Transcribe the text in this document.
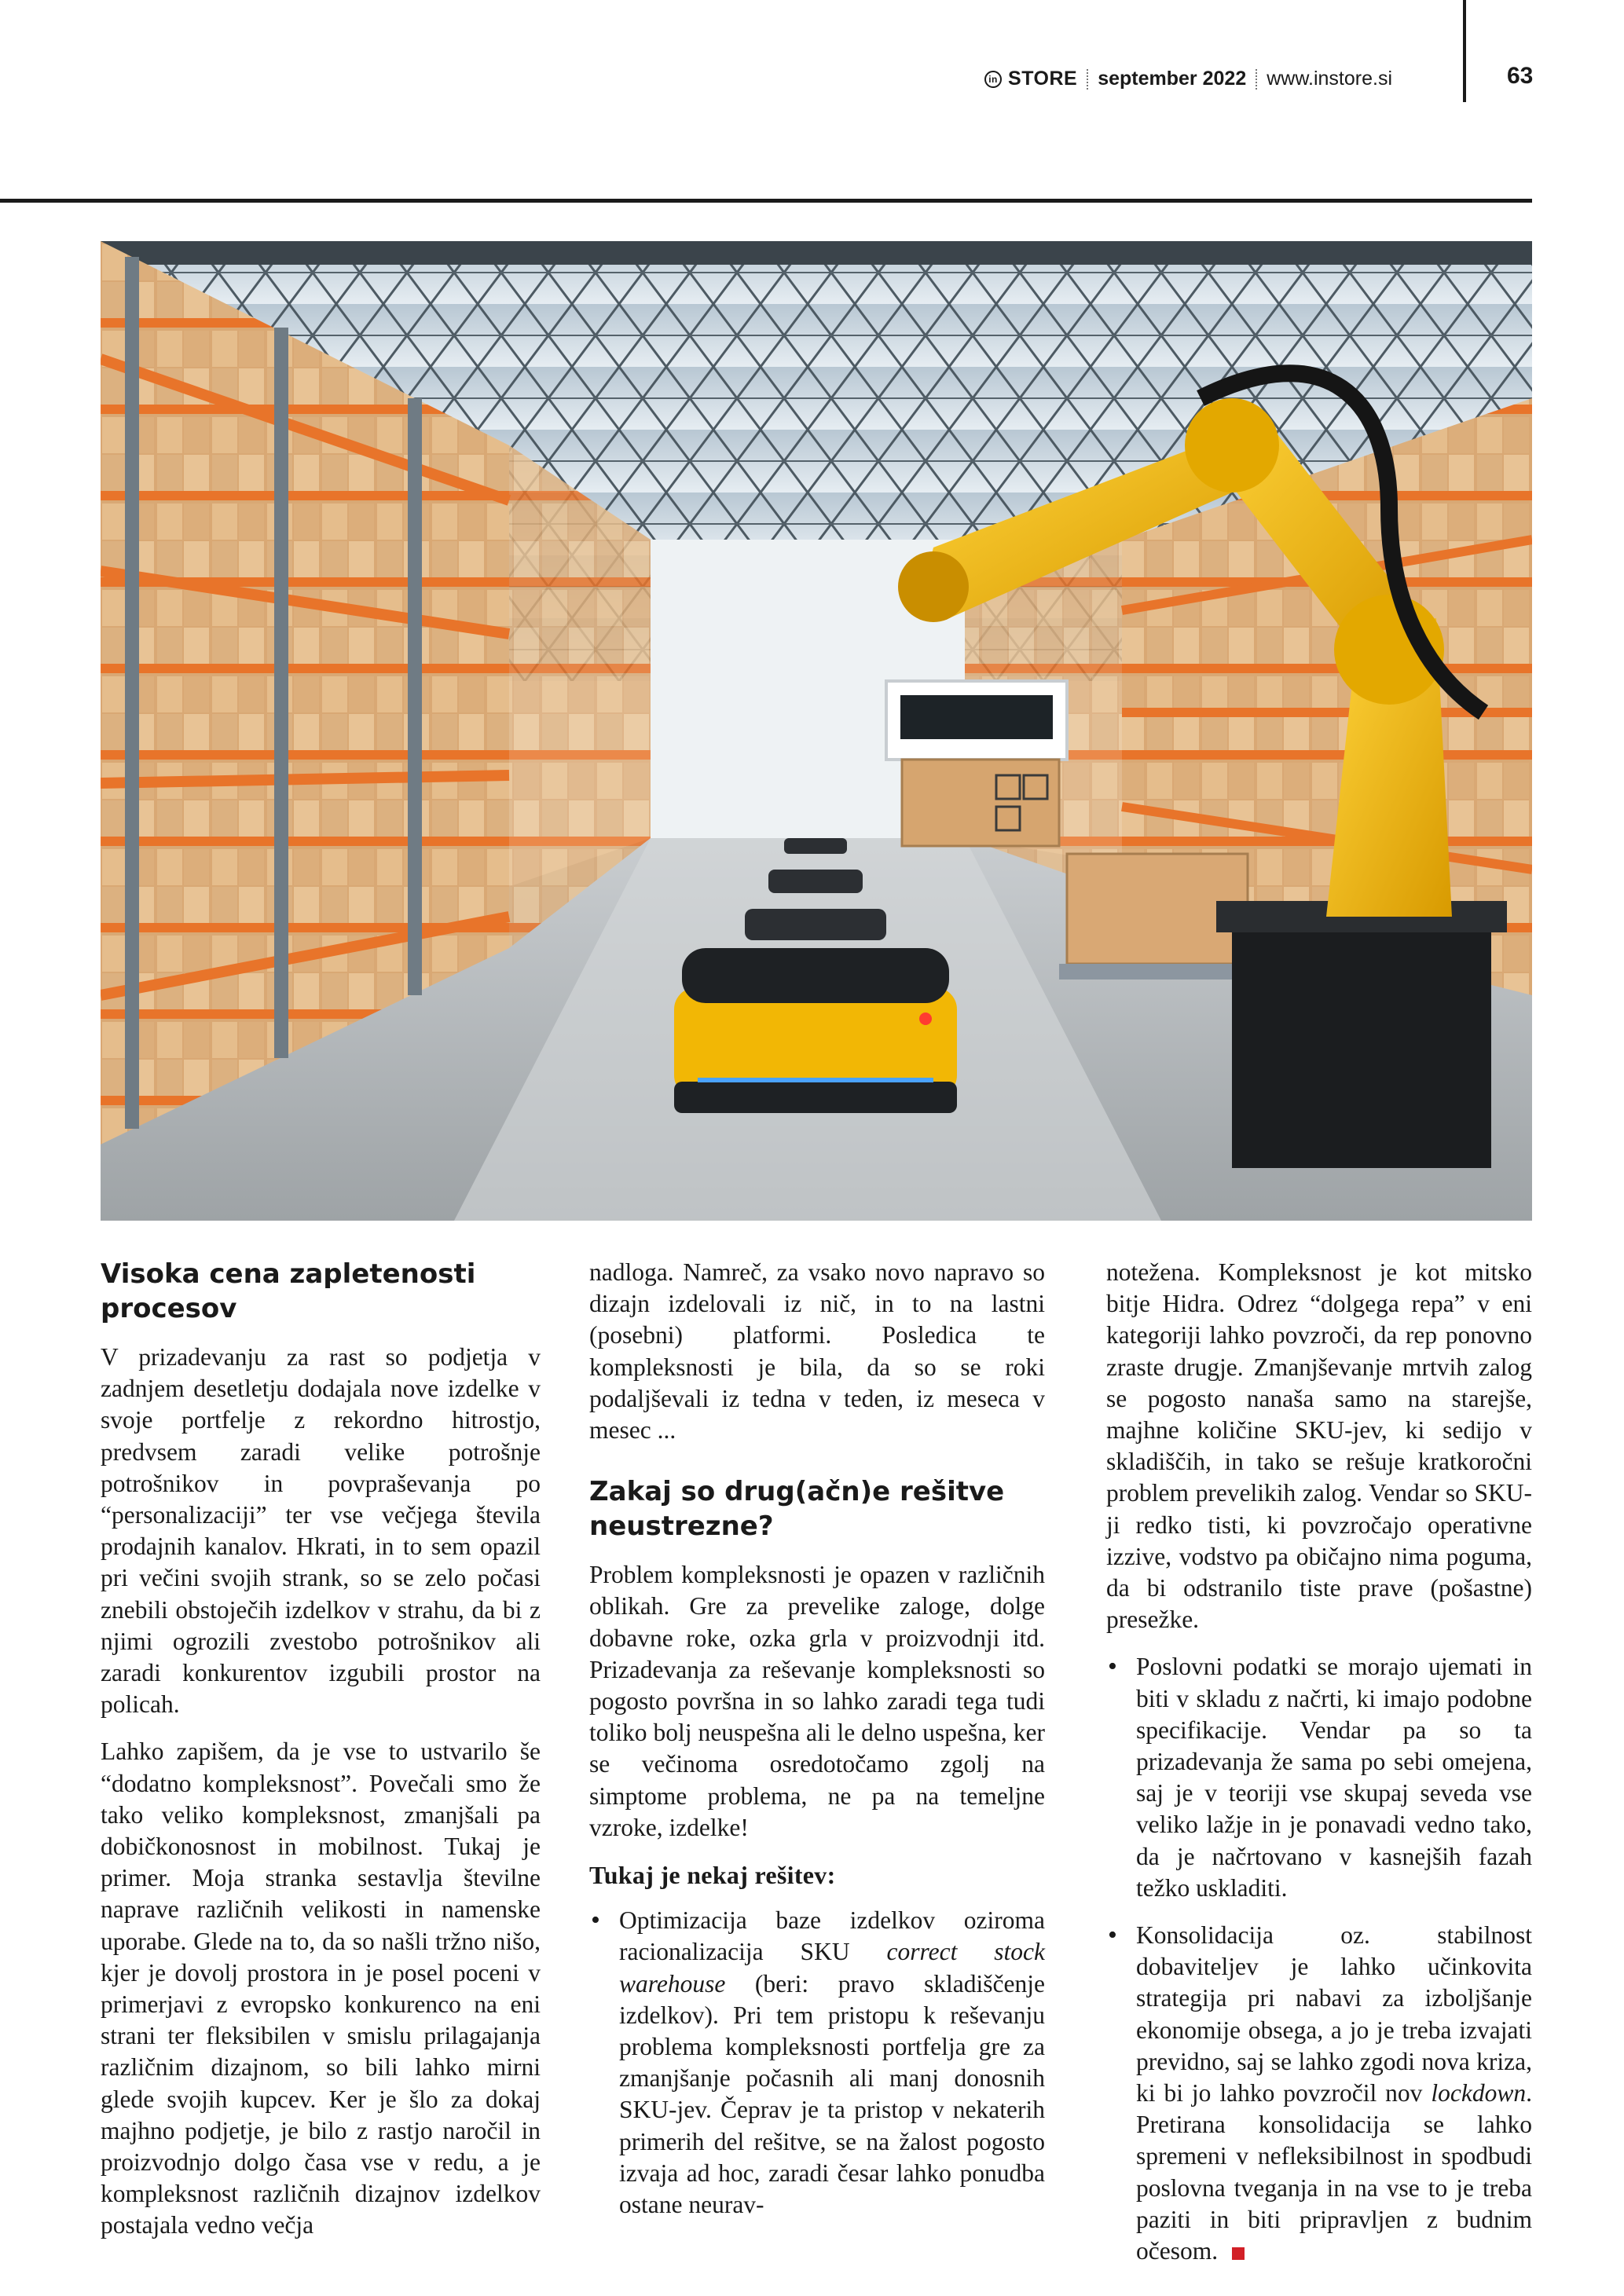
in STORE september 2022 www.instore.si	63
Visoka cena zapletenosti procesov

V prizadevanju za rast so podjetja v zadnjem desetletju dodajala nove izdelke v svoje portfelje z rekordno hitrostjo, predvsem zaradi velike potrošnje potrošnikov in povpraševanja po “personalizaciji” ter vse večjega števila prodajnih kanalov. Hkrati, in to sem opazil pri večini svojih strank, so se zelo počasi znebili obstoječih izdelkov v strahu, da bi z njimi ogrozili zvestobo potrošnikov ali zaradi konkurentov izgubili prostor na policah.

Lahko zapišem, da je vse to ustvarilo še “dodatno kompleksnost”. Povečali smo že tako veliko kompleksnost, zmanjšali pa dobičkonosnost in mobilnost. Tukaj je primer. Moja stranka sestavlja številne naprave različnih velikosti in namenske uporabe. Glede na to, da so našli tržno nišo, kjer je dovolj prostora in je posel poceni v primerjavi z evropsko konkurenco na eni strani ter fleksibilen v smislu prilagajanja različnim dizajnom, so bili lahko mirni glede svojih kupcev. Ker je šlo za dokaj majhno podjetje, je bilo z rastjo naročil in proizvodnjo dolgo časa vse v redu, a je kompleksnost različnih dizajnov izdelkov postajala vedno večja

nadloga. Namreč, za vsako novo napravo so dizajn izdelovali iz nič, in to na lastni (posebni) platformi. Posledica te kompleksnosti je bila, da so se roki podaljševali iz tedna v teden, iz meseca v mesec ...

Zakaj so drug(ačn)e rešitve neustrezne?

Problem kompleksnosti je opazen v različnih oblikah. Gre za prevelike zaloge, dolge dobavne roke, ozka grla v proizvodnji itd. Prizadevanja za reševanje kompleksnosti so pogosto površna in so lahko zaradi tega tudi toliko bolj neuspešna ali le delno uspešna, ker se večinoma osredotočamo zgolj na simptome problema, ne pa na temeljne vzroke, izdelke!

Tukaj je nekaj rešitev:
• Optimizacija baze izdelkov oziroma racionalizacija SKU correct stock warehouse (beri: pravo skladiščenje izdelkov). Pri tem pristopu k reševanju problema kompleksnosti portfelja gre za zmanjšanje počasnih ali manj donosnih SKU-jev. Čeprav je ta pristop v nekaterih primerih del rešitve, se na žalost pogosto izvaja ad hoc, zaradi česar lahko ponudba ostane neurav-

notežena. Kompleksnost je kot mitsko bitje Hidra. Odrez “dolgega repa” v eni kategoriji lahko povzroči, da rep ponovno zraste drugje. Zmanjševanje mrtvih zalog se pogosto nanaša samo na starejše, majhne količine SKU-jev, ki sedijo v skladiščih, in tako se rešuje kratkoročni problem prevelikih zalog. Vendar so SKU-ji redko tisti, ki povzročajo operativne izzive, vodstvo pa običajno nima poguma, da bi odstranilo tiste prave (pošastne) presežke.

• Poslovni podatki se morajo ujemati in biti v skladu z načrti, ki imajo podobne specifikacije. Vendar pa so ta prizadevanja že sama po sebi omejena, saj je v teoriji vse skupaj seveda vse veliko lažje in je ponavadi vedno tako, da je načrtovano v kasnejših fazah težko uskladiti.
• Konsolidacija oz. stabilnost dobaviteljev je lahko učinkovita strategija pri nabavi za izboljšanje ekonomije obsega, a jo je treba izvajati previdno, saj se lahko zgodi nova kriza, ki bi jo lahko povzročil nov lockdown. Pretirana konsolidacija se lahko spremeni v nefleksibilnost in spodbudi poslovna tveganja in na vse to je treba paziti in biti pripravljen z budnim očesom.
